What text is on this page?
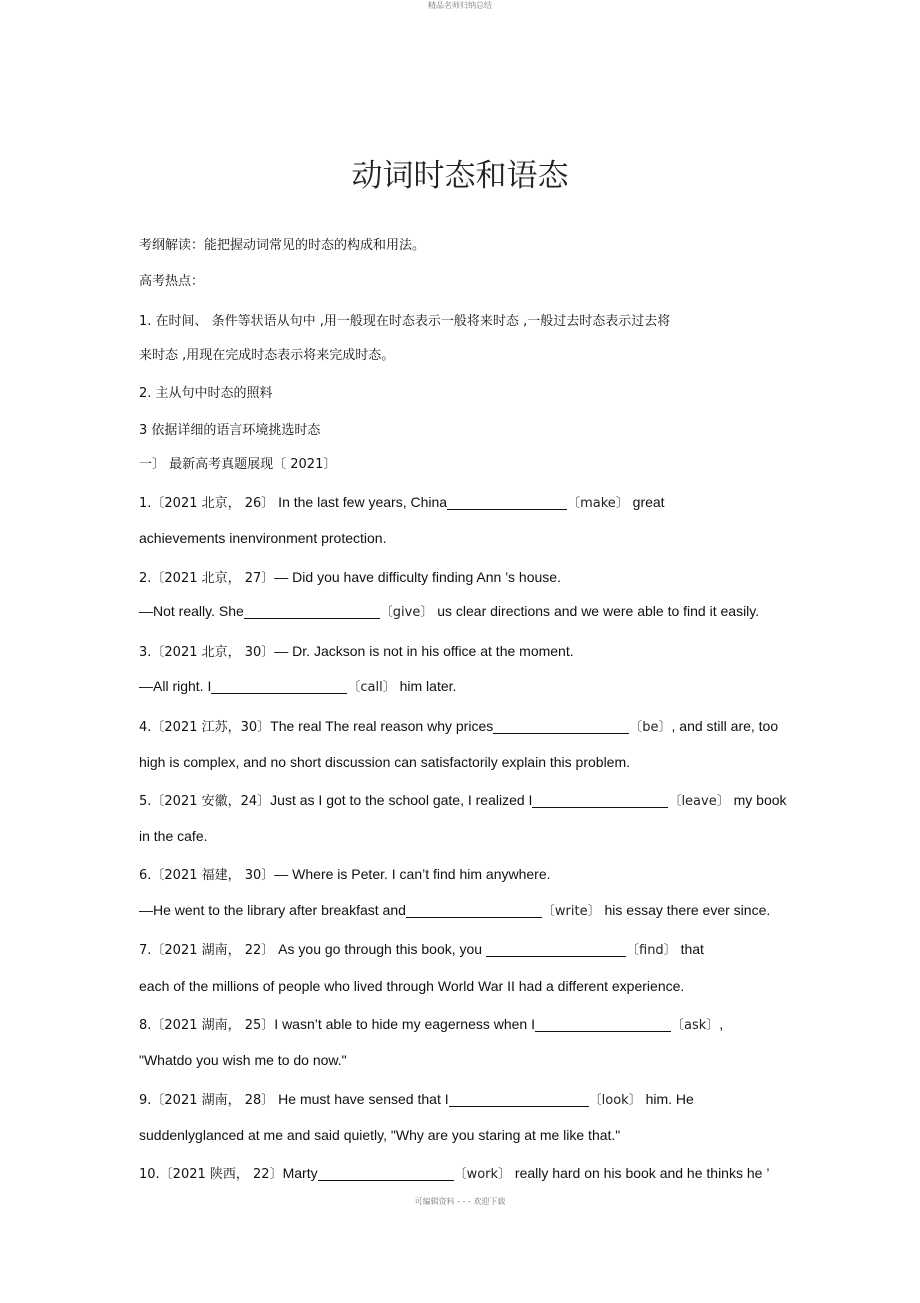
精品名师归纳总结
动词时态和语态
考纲解读：能把握动词常见的时态的构成和用法。
高考热点：
1. 在时间、 条件等状语从句中 ,用一般现在时态表示一般将来时态 ,一般过去时态表示过去将
来时态 ,用现在完成时态表示将来完成时态。
2. 主从句中时态的照料
3 依据详细的语言环境挑选时态
一〕 最新高考真题展现〔 2021〕
1.〔2021 北京， 26〕 In the last few years, China	〔make〕 great
achievements inenvironment protection.
2.〔2021 北京， 27〕— Did you have difficulty finding Ann ’s house.
—Not really. She	〔give〕 us clear directions and we were able to find it easily.
3.〔2021 北京， 30〕— Dr. Jackson is not in his office at the moment.
—All right. I	〔call〕 him later.
4.〔2021 江苏，30〕The real The real reason why prices	〔be〕, and still are, too
high is complex, and no short discussion can satisfactorily explain this problem.
5.〔2021 安徽，24〕Just as I got to the school gate, I realized I	〔leave〕 my book
in the cafe.
6.〔2021 福建， 30〕— Where is Peter. I can’t find him anywhere.
—He went to the library after breakfast and	〔write〕 his essay there ever since.
7.〔2021 湖南， 22〕 As you go through this book, you	〔find〕 that
each of the millions of people who lived through World War II had a different experience.
8.〔2021 湖南， 25〕I wasn’t able to hide my eagerness when I	〔ask〕,
"Whatdo you wish me to do now."
9.〔2021 湖南， 28〕 He must have sensed that I	〔look〕 him. He
suddenlyglanced at me and said quietly, "Why are you staring at me like that."
10.〔2021 陕西， 22〕Marty	〔work〕 really hard on his book and he thinks he ’
可编辑资料 - - - 欢迎下载
